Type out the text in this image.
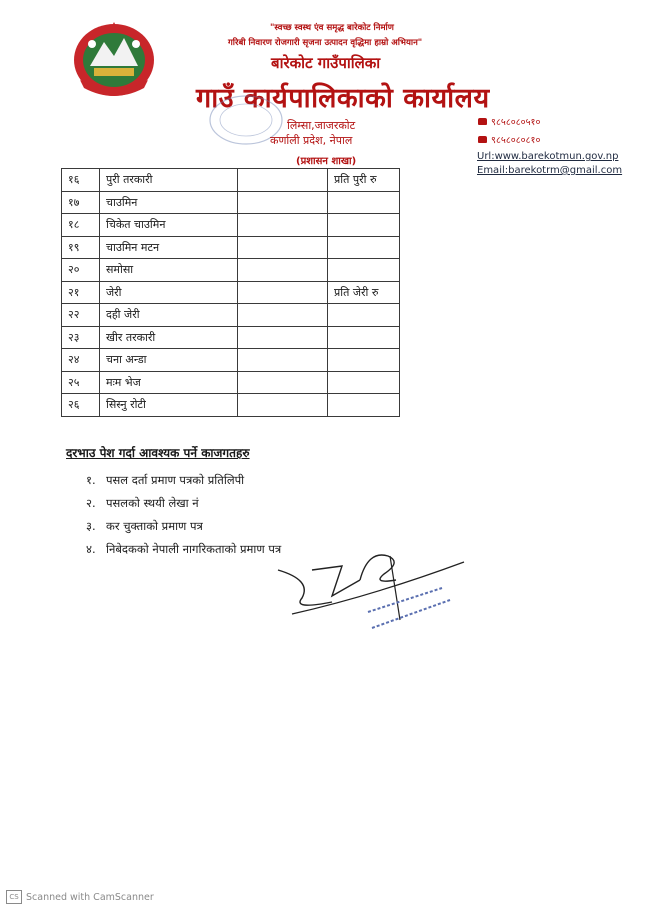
"स्वच्छ स्वस्थ एंव समृद्ध बारेकोट निर्माण
गरिबी निवारण रोजगारी सृजना उत्पादन वृद्धिमा हाम्रो अभियान"
बारेकोट गाउँपालिका
गाउँ कार्यपालिकाको कार्यालय
लिम्सा,जाजरकोट
कर्णाली प्रदेश, नेपाल
(प्रशासन शाखा)
९८५८०८०५१०
९८५८०८०८१०
Url:www.barekotmun.gov.np
Email:barekotrm@gmail.com
१६	पुरी तरकारी		प्रति पुरी रु
१७	चाउमिन		
१८	चिकेत चाउमिन		
१९	चाउमिन मटन		
२०	समोसा		
२१	जेरी		प्रति जेरी रु
२२	दही जेरी		
२३	खीर तरकारी		
२४	चना अन्डा		
२५	मःम भेज		
२६	सिस्नु रोटी		
दरभाउ पेश गर्दा आवश्यक पर्ने काजगतहरु
१. पसल दर्ता प्रमाण पत्रको प्रतिलिपी
२. पसलको स्थयी लेखा नं
३. कर चुक्ताको प्रमाण पत्र
४. निबेदकको नेपाली नागरिकताको प्रमाण पत्र
CS Scanned with CamScanner
